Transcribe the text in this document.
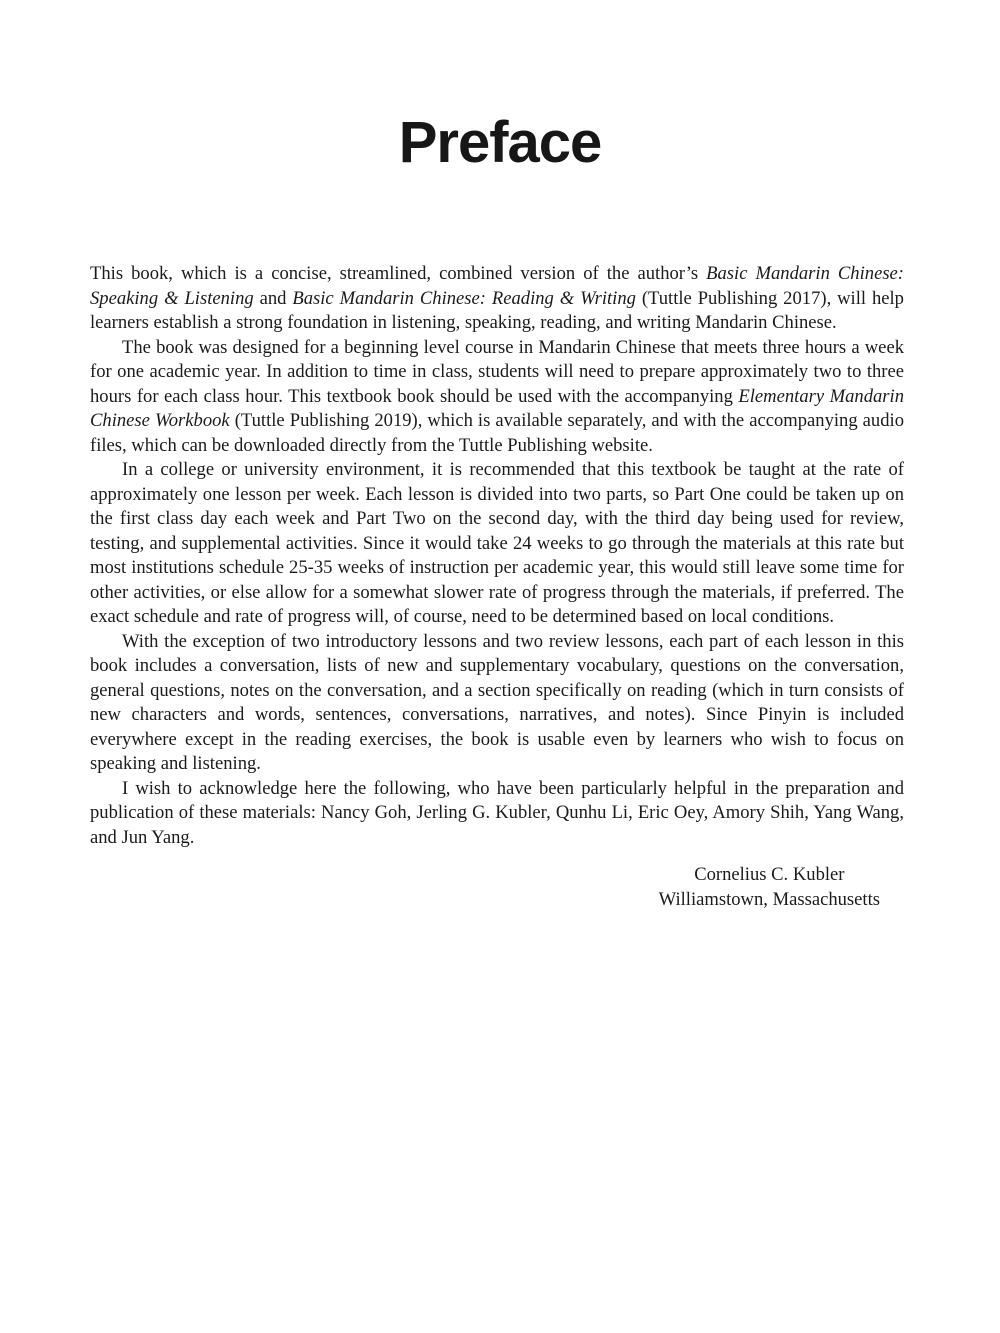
Preface

This book, which is a concise, streamlined, combined version of the author’s Basic Mandarin Chinese: Speaking & Listening and Basic Mandarin Chinese: Reading & Writing (Tuttle Publishing 2017), will help learners establish a strong foundation in listening, speaking, reading, and writing Mandarin Chinese.

The book was designed for a beginning level course in Mandarin Chinese that meets three hours a week for one academic year. In addition to time in class, students will need to prepare approximately two to three hours for each class hour. This textbook book should be used with the accompanying Elementary Mandarin Chinese Workbook (Tuttle Publishing 2019), which is available separately, and with the accompanying audio files, which can be downloaded directly from the Tuttle Publishing website.

In a college or university environment, it is recommended that this textbook be taught at the rate of approximately one lesson per week. Each lesson is divided into two parts, so Part One could be taken up on the first class day each week and Part Two on the second day, with the third day being used for review, testing, and supplemental activities. Since it would take 24 weeks to go through the materials at this rate but most institutions schedule 25-35 weeks of instruction per academic year, this would still leave some time for other activities, or else allow for a somewhat slower rate of progress through the materials, if preferred. The exact schedule and rate of progress will, of course, need to be determined based on local conditions.

With the exception of two introductory lessons and two review lessons, each part of each lesson in this book includes a conversation, lists of new and supplementary vocabulary, questions on the conversation, general questions, notes on the conversation, and a section specifically on reading (which in turn consists of new characters and words, sentences, conversations, narratives, and notes). Since Pinyin is included everywhere except in the reading exercises, the book is usable even by learners who wish to focus on speaking and listening.

I wish to acknowledge here the following, who have been particularly helpful in the preparation and publication of these materials: Nancy Goh, Jerling G. Kubler, Qunhu Li, Eric Oey, Amory Shih, Yang Wang, and Jun Yang.

Cornelius C. Kubler
Williamstown, Massachusetts
